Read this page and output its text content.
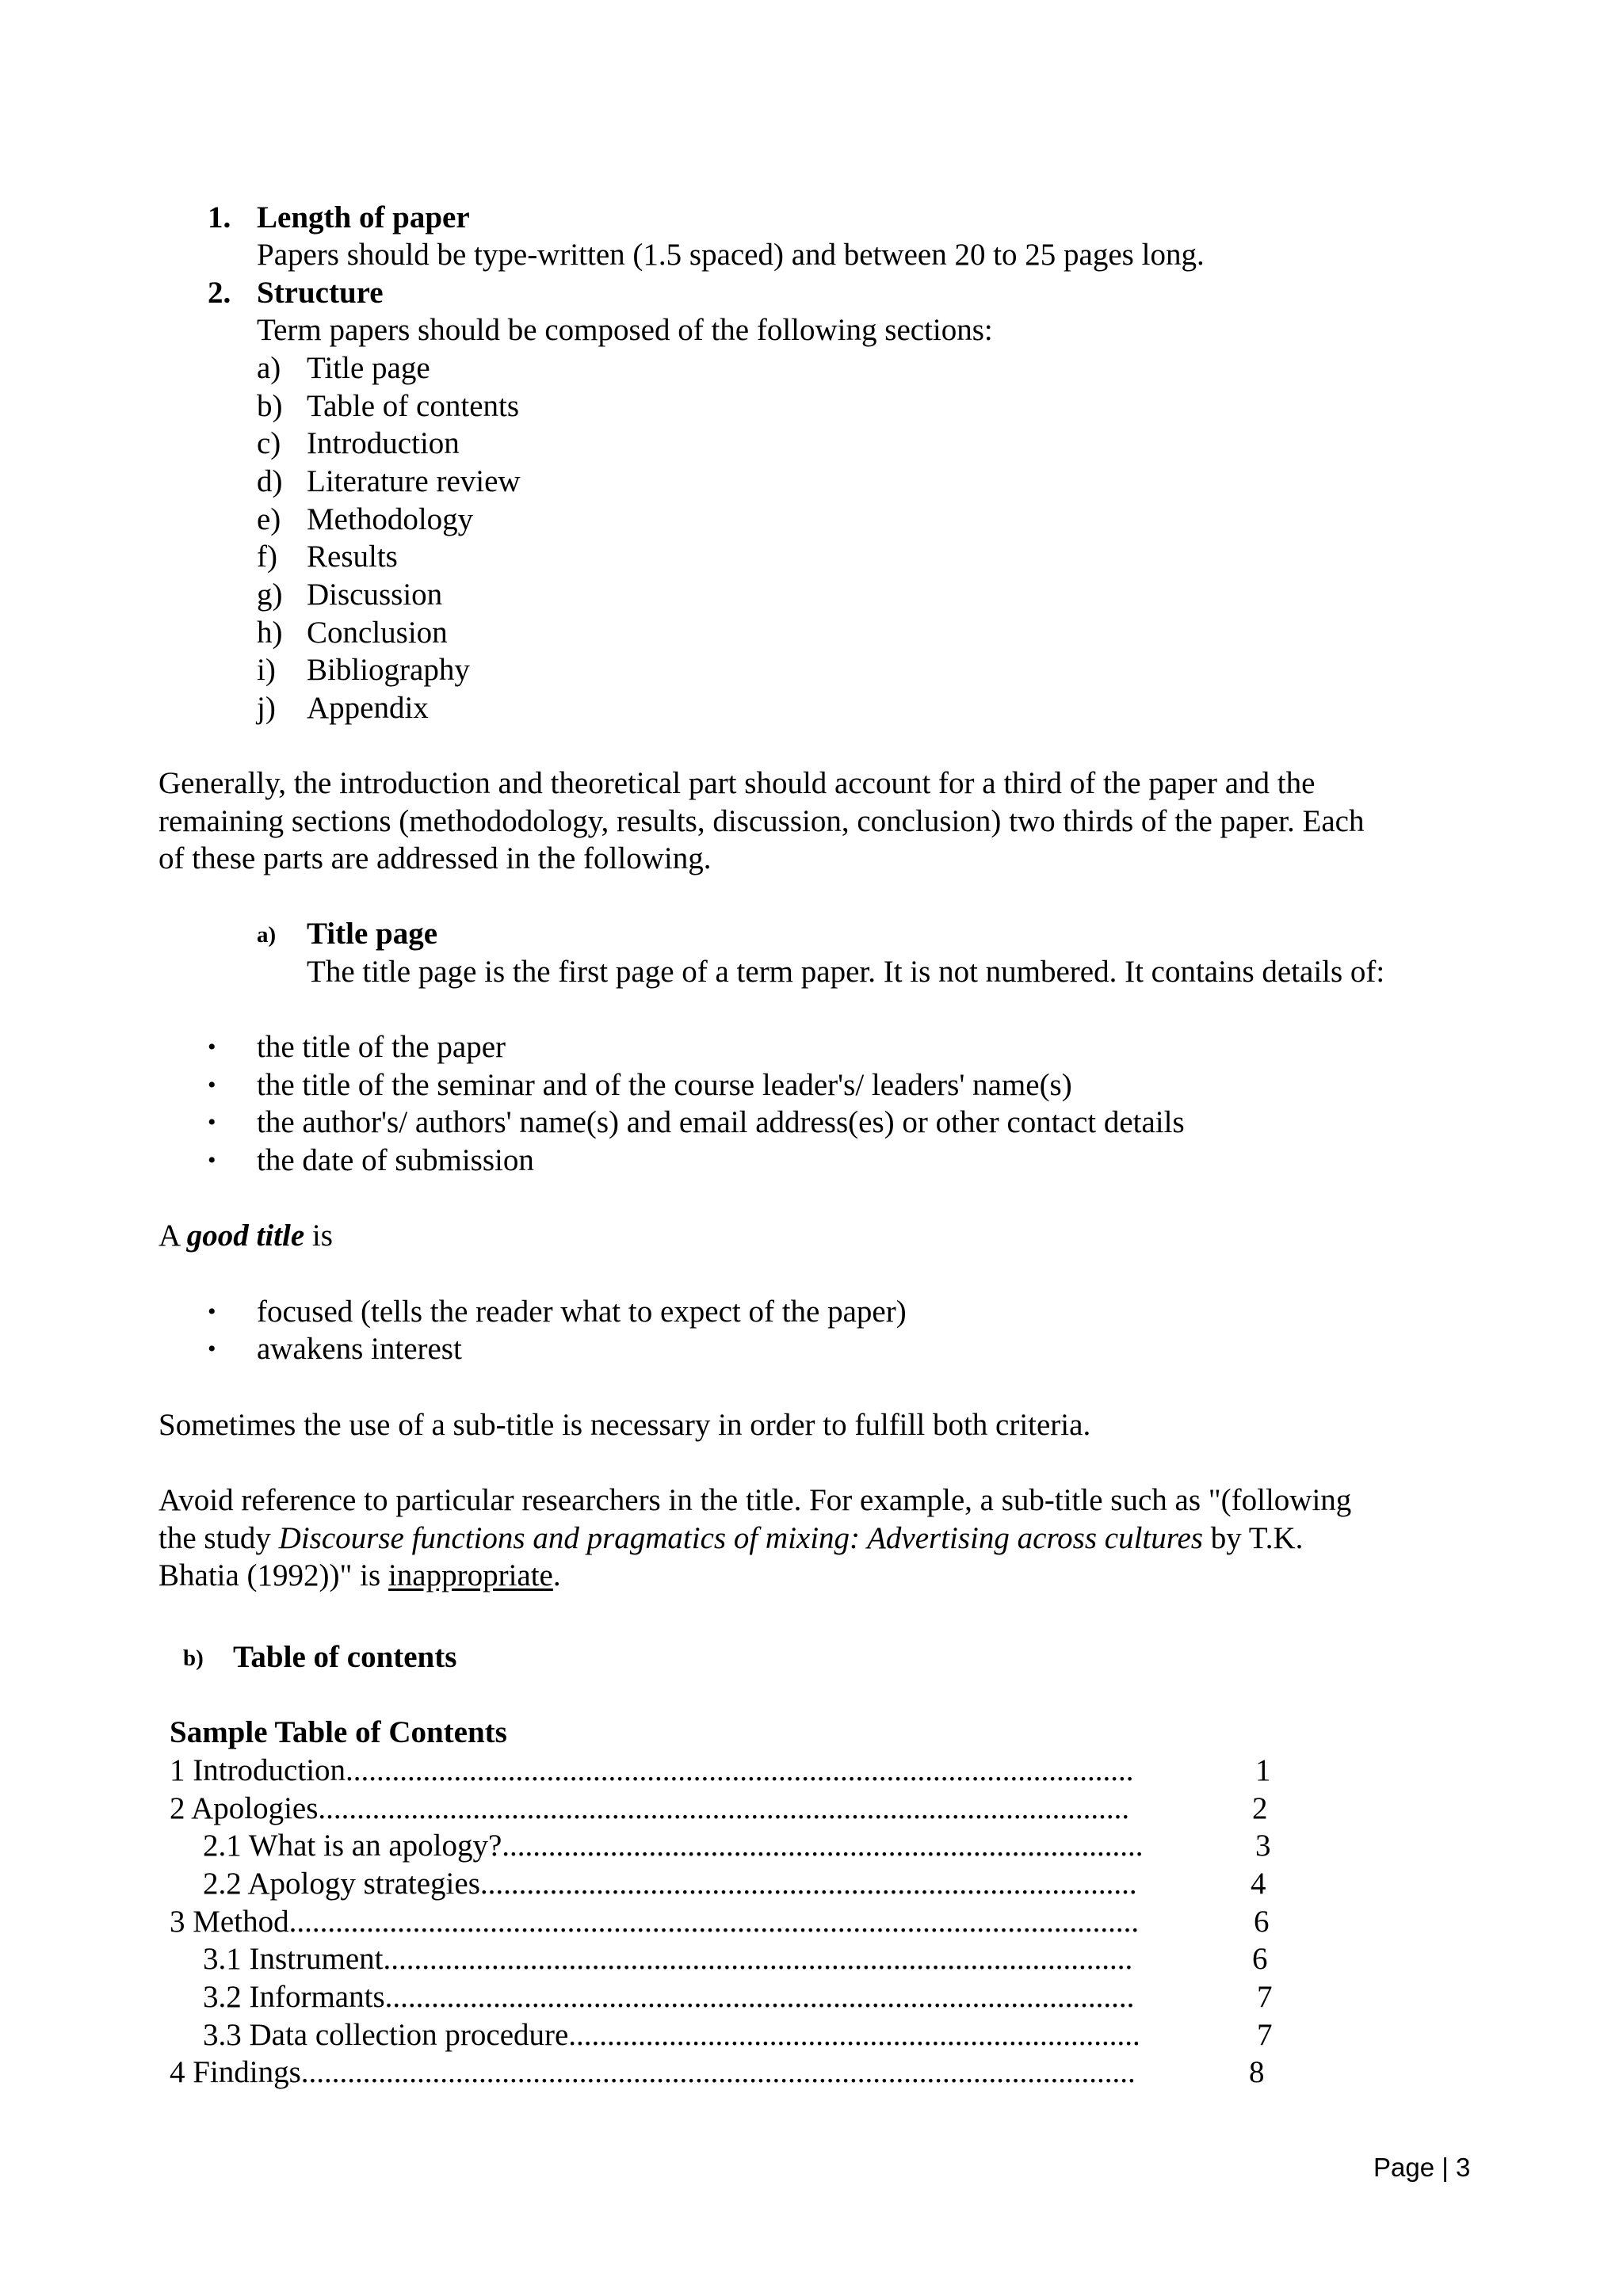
1. Length of paper
Papers should be type-written (1.5 spaced) and between 20 to 25 pages long.
2. Structure
Term papers should be composed of the following sections:
a) Title page
b) Table of contents
c) Introduction
d) Literature review
e) Methodology
f) Results
g) Discussion
h) Conclusion
i) Bibliography
j) Appendix
Generally, the introduction and theoretical part should account for a third of the paper and the
remaining sections (methododology, results, discussion, conclusion) two thirds of the paper. Each
of these parts are addressed in the following.
a) Title page
The title page is the first page of a term paper. It is not numbered. It contains details of:
• the title of the paper
• the title of the seminar and of the course leader's/ leaders' name(s)
• the author's/ authors' name(s) and email address(es) or other contact details
• the date of submission
A good title is
• focused (tells the reader what to expect of the paper)
• awakens interest
Sometimes the use of a sub-title is necessary in order to fulfill both criteria.
Avoid reference to particular researchers in the title. For example, a sub-title such as "(following
the study Discourse functions and pragmatics of mixing: Advertising across cultures by T.K.
Bhatia (1992))" is inappropriate.
b) Table of contents
Sample Table of Contents
1 Introduction......................................................................................................	1
2 Apologies.........................................................................................................	2
2.1 What is an apology?...................................................................................	3
2.2 Apology strategies.....................................................................................	4
3 Method..............................................................................................................	6
3.1 Instrument.................................................................................................	6
3.2 Informants.................................................................................................	7
3.3 Data collection procedure..........................................................................	7
4 Findings............................................................................................................	8
Page | 3
